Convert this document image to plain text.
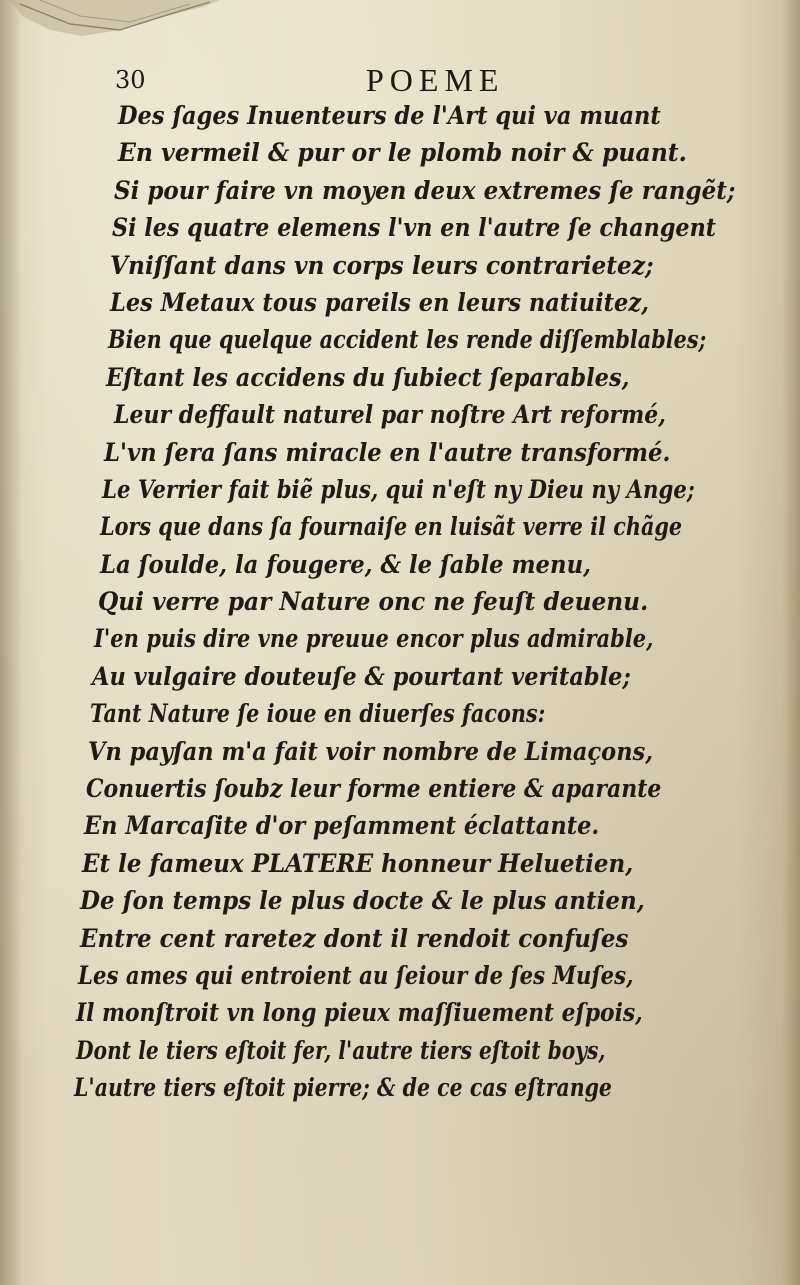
30	POEME
Des ſages Inuenteurs de l'Art qui va muant
En vermeil & pur or le plomb noir & puant.
Si pour faire vn moyen deux extremes ſe rangẽt;
Si les quatre elemens l'vn en l'autre ſe changent
Vniſſant dans vn corps leurs contrarietez;
Les Metaux tous pareils en leurs natiuitez,
Bien que quelque accident les rende diſſemblables;
Eſtant les accidens du ſubiect ſeparables,
Leur deffault naturel par noſtre Art reformé,
L'vn ſera ſans miracle en l'autre transformé.
Le Verrier fait biẽ plus, qui n'eſt ny Dieu ny Ange;
Lors que dans ſa fournaiſe en luisãt verre il chãge
La ſoulde, la fougere, & le ſable menu,
Qui verre par Nature onc ne feuſt deuenu.
I'en puis dire vne preuue encor plus admirable,
Au vulgaire douteuſe & pourtant veritable;
Tant Nature ſe ioue en diuerſes facons:
Vn payſan m'a fait voir nombre de Limaçons,
Conuertis ſoubz leur forme entiere & aparante
En Marcaſite d'or peſamment éclattante.
Et le fameux PLATERE honneur Heluetien,
De ſon temps le plus docte & le plus antien,
Entre cent raretez dont il rendoit confuſes
Les ames qui entroient au ſeiour de ſes Muſes,
Il monſtroit vn long pieux maſſiuement eſpois,
Dont le tiers eſtoit fer, l'autre tiers eſtoit boys,
L'autre tiers eſtoit pierre; & de ce cas eſtrange
